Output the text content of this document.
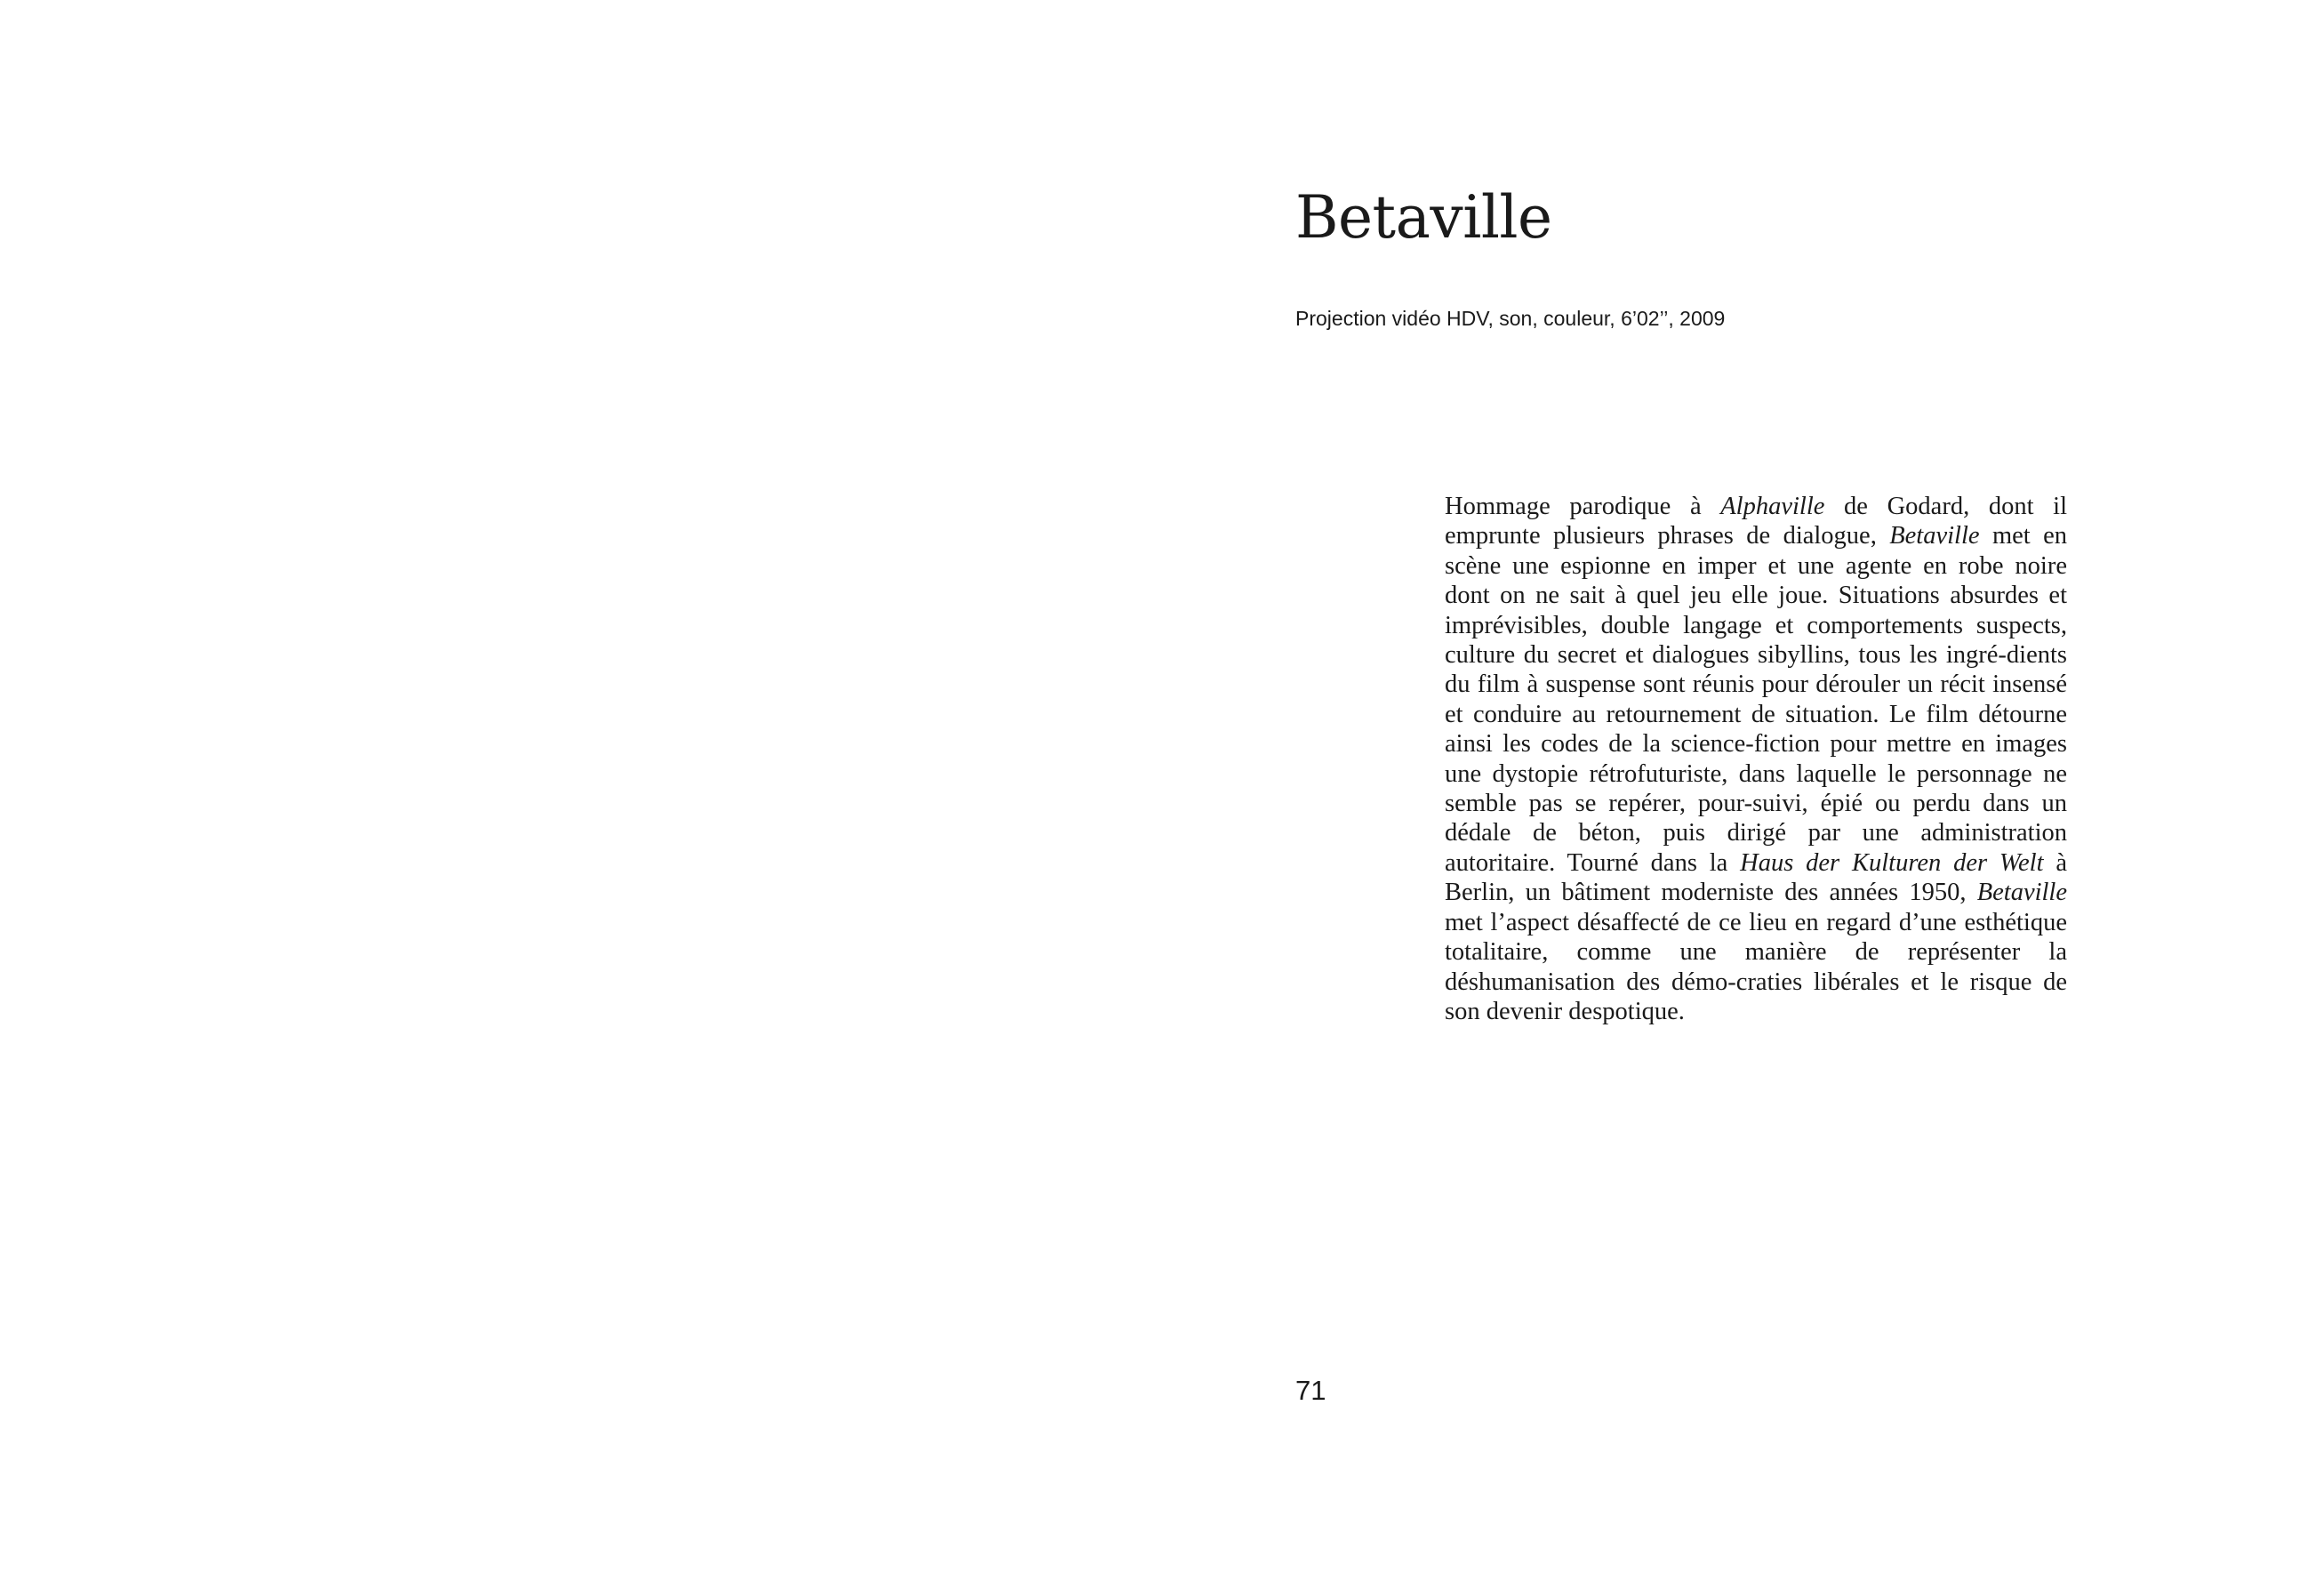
Betaville

Projection vidéo HDV, son, couleur, 6’02’’, 2009

Hommage parodique à Alphaville de Godard, dont il emprunte plusieurs phrases de dialogue, Betaville met en scène une espionne en imper et une agente en robe noire dont on ne sait à quel jeu elle joue. Situations absurdes et imprévisibles, double langage et comportements suspects, culture du secret et dialogues sibyllins, tous les ingré-dients du film à suspense sont réunis pour dérouler un récit insensé et conduire au retournement de situation. Le film détourne ainsi les codes de la science-fiction pour mettre en images une dystopie rétrofuturiste, dans laquelle le personnage ne semble pas se repérer, pour-suivi, épié ou perdu dans un dédale de béton, puis dirigé par une administration autoritaire. Tourné dans la Haus der Kulturen der Welt à Berlin, un bâtiment moderniste des années 1950, Betaville met l’aspect désaffecté de ce lieu en regard d’une esthétique totalitaire, comme une manière de représenter la déshumanisation des démo-craties libérales et le risque de son devenir despotique.

71
